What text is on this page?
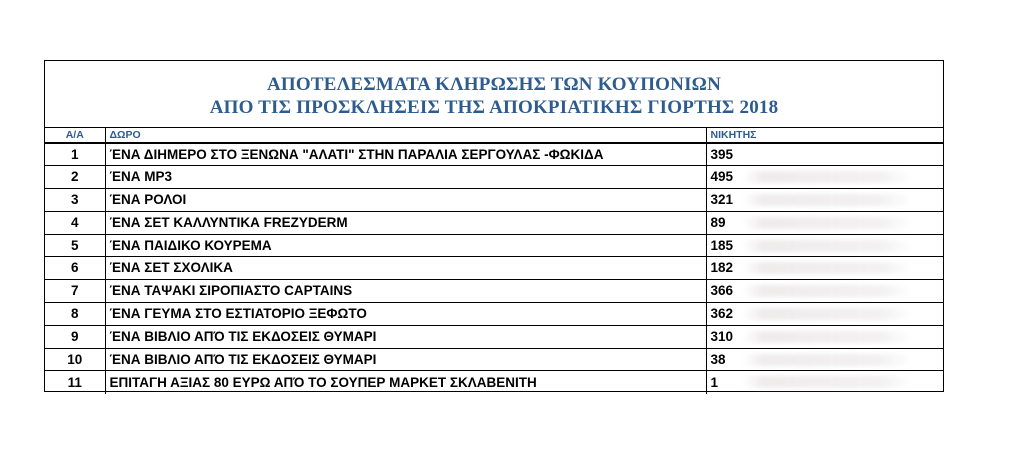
ΑΠΟΤΕΛΕΣΜΑΤΑ ΚΛΗΡΩΣΗΣ ΤΩΝ ΚΟΥΠΟΝΙΩΝ
ΑΠΟ ΤΙΣ ΠΡΟΣΚΛΗΣΕΙΣ ΤΗΣ ΑΠΟΚΡΙΑΤΙΚΗΣ ΓΙΟΡΤΗΣ 2018
Α/Α	ΔΩΡΟ	ΝΙΚΗΤΗΣ
1	ΈΝΑ ΔΙΗΜΕΡΟ ΣΤΟ ΞΕΝΩΝΑ "ΑΛΑΤΙ" ΣΤΗΝ ΠΑΡΑΛΙΑ ΣΕΡΓΟΥΛΑΣ -ΦΩΚΙΔΑ	395
2	ΈΝΑ MP3	495

3	ΈΝΑ ΡΟΛΟΙ	321

4	ΈΝΑ ΣΕΤ ΚΑΛΛΥΝΤΙΚΑ FREZYDERM	89

5	ΈΝΑ ΠΑΙΔΙΚΟ ΚΟΥΡΕΜΑ	185

6	ΈΝΑ ΣΕΤ ΣΧΟΛΙΚΑ	182

7	ΈΝΑ ΤΑΨΑΚΙ ΣΙΡΟΠΙΑΣΤΟ CAPTAINS	366

8	ΈΝΑ ΓΕΥΜΑ ΣΤΟ ΕΣΤΙΑΤΟΡΙΟ ΞΕΦΩΤΟ	362

9	ΈΝΑ ΒΙΒΛΙΟ ΑΠΌ ΤΙΣ ΕΚΔΟΣΕΙΣ ΘΥΜΑΡΙ	310

10	ΈΝΑ ΒΙΒΛΙΟ ΑΠΌ ΤΙΣ ΕΚΔΟΣΕΙΣ ΘΥΜΑΡΙ	38

11	ΕΠΙΤΑΓΗ ΑΞΙΑΣ 80 ΕΥΡΩ ΑΠΌ ΤΟ ΣΟΥΠΕΡ ΜΑΡΚΕΤ ΣΚΛΑΒΕΝΙΤΗ	1
